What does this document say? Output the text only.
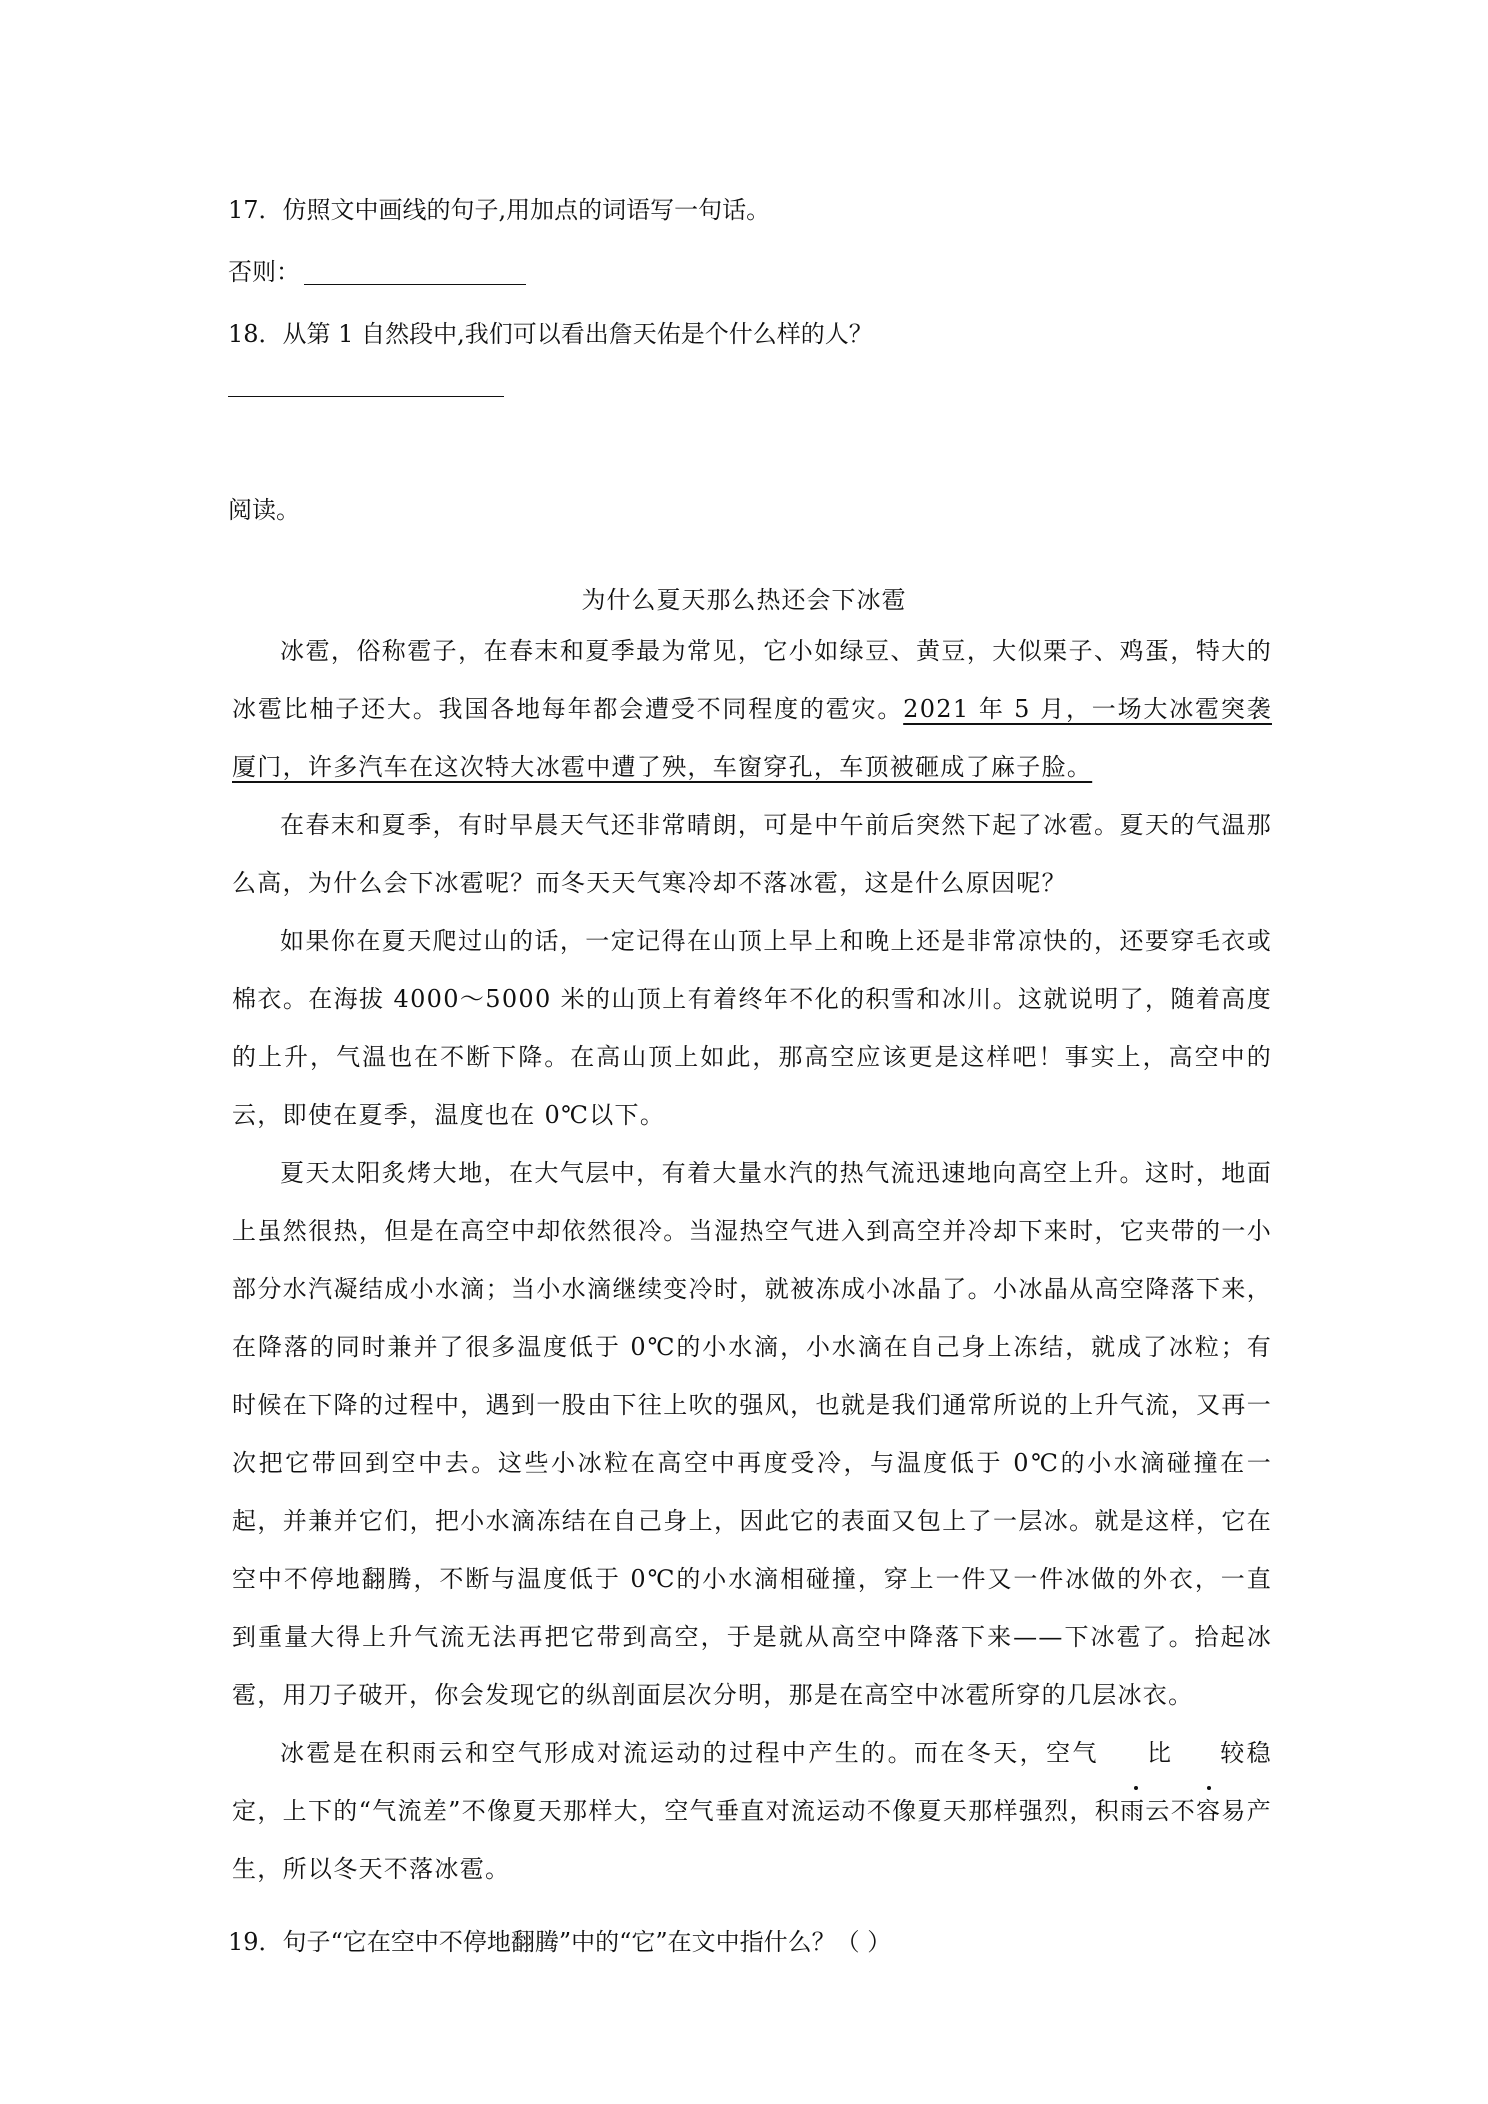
17．仿照文中画线的句子,用加点的词语写一句话。
否则：
18．从第 1 自然段中,我们可以看出詹天佑是个什么样的人？
阅读。
为什么夏天那么热还会下冰雹

冰雹，俗称雹子，在春末和夏季最为常见，它小如绿豆、黄豆，大似栗子、鸡蛋，特大的冰雹比柚子还大。我国各地每年都会遭受不同程度的雹灾。2021 年 5 月，一场大冰雹突袭厦门，许多汽车在这次特大冰雹中遭了殃，车窗穿孔，车顶被砸成了麻子脸。

在春末和夏季，有时早晨天气还非常晴朗，可是中午前后突然下起了冰雹。夏天的气温那么高，为什么会下冰雹呢？而冬天天气寒冷却不落冰雹，这是什么原因呢？

如果你在夏天爬过山的话，一定记得在山顶上早上和晚上还是非常凉快的，还要穿毛衣或棉衣。在海拔 4000～5000 米的山顶上有着终年不化的积雪和冰川。这就说明了，随着高度的上升，气温也在不断下降。在高山顶上如此，那高空应该更是这样吧！事实上，高空中的云，即使在夏季，温度也在 0℃以下。

夏天太阳炙烤大地，在大气层中，有着大量水汽的热气流迅速地向高空上升。这时，地面上虽然很热，但是在高空中却依然很冷。当湿热空气进入到高空并冷却下来时，它夹带的一小部分水汽凝结成小水滴；当小水滴继续变冷时，就被冻成小冰晶了。小冰晶从高空降落下来，在降落的同时兼并了很多温度低于 0℃的小水滴，小水滴在自己身上冻结，就成了冰粒；有时候在下降的过程中，遇到一股由下往上吹的强风，也就是我们通常所说的上升气流，又再一次把它带回到空中去。这些小冰粒在高空中再度受冷，与温度低于 0℃的小水滴碰撞在一起，并兼并它们，把小水滴冻结在自己身上，因此它的表面又包上了一层冰。就是这样，它在空中不停地翻腾，不断与温度低于 0℃的小水滴相碰撞，穿上一件又一件冰做的外衣，一直到重量大得上升气流无法再把它带到高空，于是就从高空中降落下来——下冰雹了。拾起冰雹，用刀子破开，你会发现它的纵剖面层次分明，那是在高空中冰雹所穿的几层冰衣。

冰雹是在积雨云和空气形成对流运动的过程中产生的。而在冬天，空气 比 较稳定，上下的“气流差”不像夏天那样大，空气垂直对流运动不像夏天那样强烈，积雨云不容易产生，所以冬天不落冰雹。

19．句子“它在空中不停地翻腾”中的“它”在文中指什么？（ ）
